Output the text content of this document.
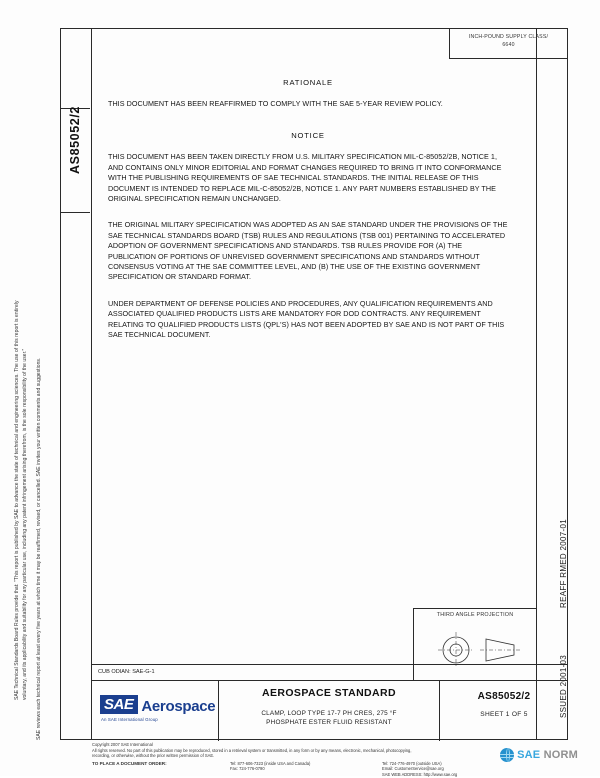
SAE Technical Standards Board Rules provide that: "This report is published by SAE to advance the state of technical and engineering sciences. The use of this report is entirely voluntary, and its applicability and suitability for any particular use, including any patent infringement arising therefrom, is the sole responsibility of the user." SAE reviews each technical report at least every five years at which time it may be reaffirmed, revised, or cancelled. SAE invites your written comments and suggestions.
AS85052/2
REAFF RMED 2007-01
SSUED 2001-03
INCH-POUND SUPPLY CLASS/
6640
RATIONALE

THIS DOCUMENT HAS BEEN REAFFIRMED TO COMPLY WITH THE SAE 5-YEAR REVIEW POLICY.

NOTICE

THIS DOCUMENT HAS BEEN TAKEN DIRECTLY FROM U.S. MILITARY SPECIFICATION MIL-C-85052/2B, NOTICE 1, AND CONTAINS ONLY MINOR EDITORIAL AND FORMAT CHANGES REQUIRED TO BRING IT INTO CONFORMANCE WITH THE PUBLISHING REQUIREMENTS OF SAE TECHNICAL STANDARDS. THE INITIAL RELEASE OF THIS DOCUMENT IS INTENDED TO REPLACE MIL-C-85052/2B, NOTICE 1. ANY PART NUMBERS ESTABLISHED BY THE ORIGINAL SPECIFICATION REMAIN UNCHANGED.

THE ORIGINAL MILITARY SPECIFICATION WAS ADOPTED AS AN SAE STANDARD UNDER THE PROVISIONS OF THE SAE TECHNICAL STANDARDS BOARD (TSB) RULES AND REGULATIONS (TSB 001) PERTAINING TO ACCELERATED ADOPTION OF GOVERNMENT SPECIFICATIONS AND STANDARDS. TSB RULES PROVIDE FOR (A) THE PUBLICATION OF PORTIONS OF UNREVISED GOVERNMENT SPECIFICATIONS AND STANDARDS WITHOUT CONSENSUS VOTING AT THE SAE COMMITTEE LEVEL, AND (B) THE USE OF THE EXISTING GOVERNMENT SPECIFICATION OR STANDARD FORMAT.

UNDER DEPARTMENT OF DEFENSE POLICIES AND PROCEDURES, ANY QUALIFICATION REQUIREMENTS AND ASSOCIATED QUALIFIED PRODUCTS LISTS ARE MANDATORY FOR DOD CONTRACTS. ANY REQUIREMENT RELATING TO QUALIFIED PRODUCTS LISTS (QPL'S) HAS NOT BEEN ADOPTED BY SAE AND IS NOT PART OF THIS SAE TECHNICAL DOCUMENT.

THIRD ANGLE PROJECTION
CUB ODIAN: SAE-G-1
SAE Aerospace
An SAE International Group
AEROSPACE STANDARD
CLAMP, LOOP TYPE 17-7 PH CRES, 275 °F
PHOSPHATE ESTER FLUID RESISTANT
AS85052/2
SHEET 1 OF 5
Copyright 2007 SAE International
All rights reserved. No part of this publication may be reproduced, stored in a retrieval system or transmitted, in any form or by any means, electronic, mechanical, photocopying,
recording, or otherwise, without the prior written permission of SAE.
TO PLACE A DOCUMENT ORDER:	Tel: 877-606-7323 (inside USA and Canada)
Fax: 724-776-0790
Tel: 724-776-4970 (outside USA)
Email: CustomerService@sae.org
SAE WEB ADDRESS: http://www.sae.org
SAE NORM
